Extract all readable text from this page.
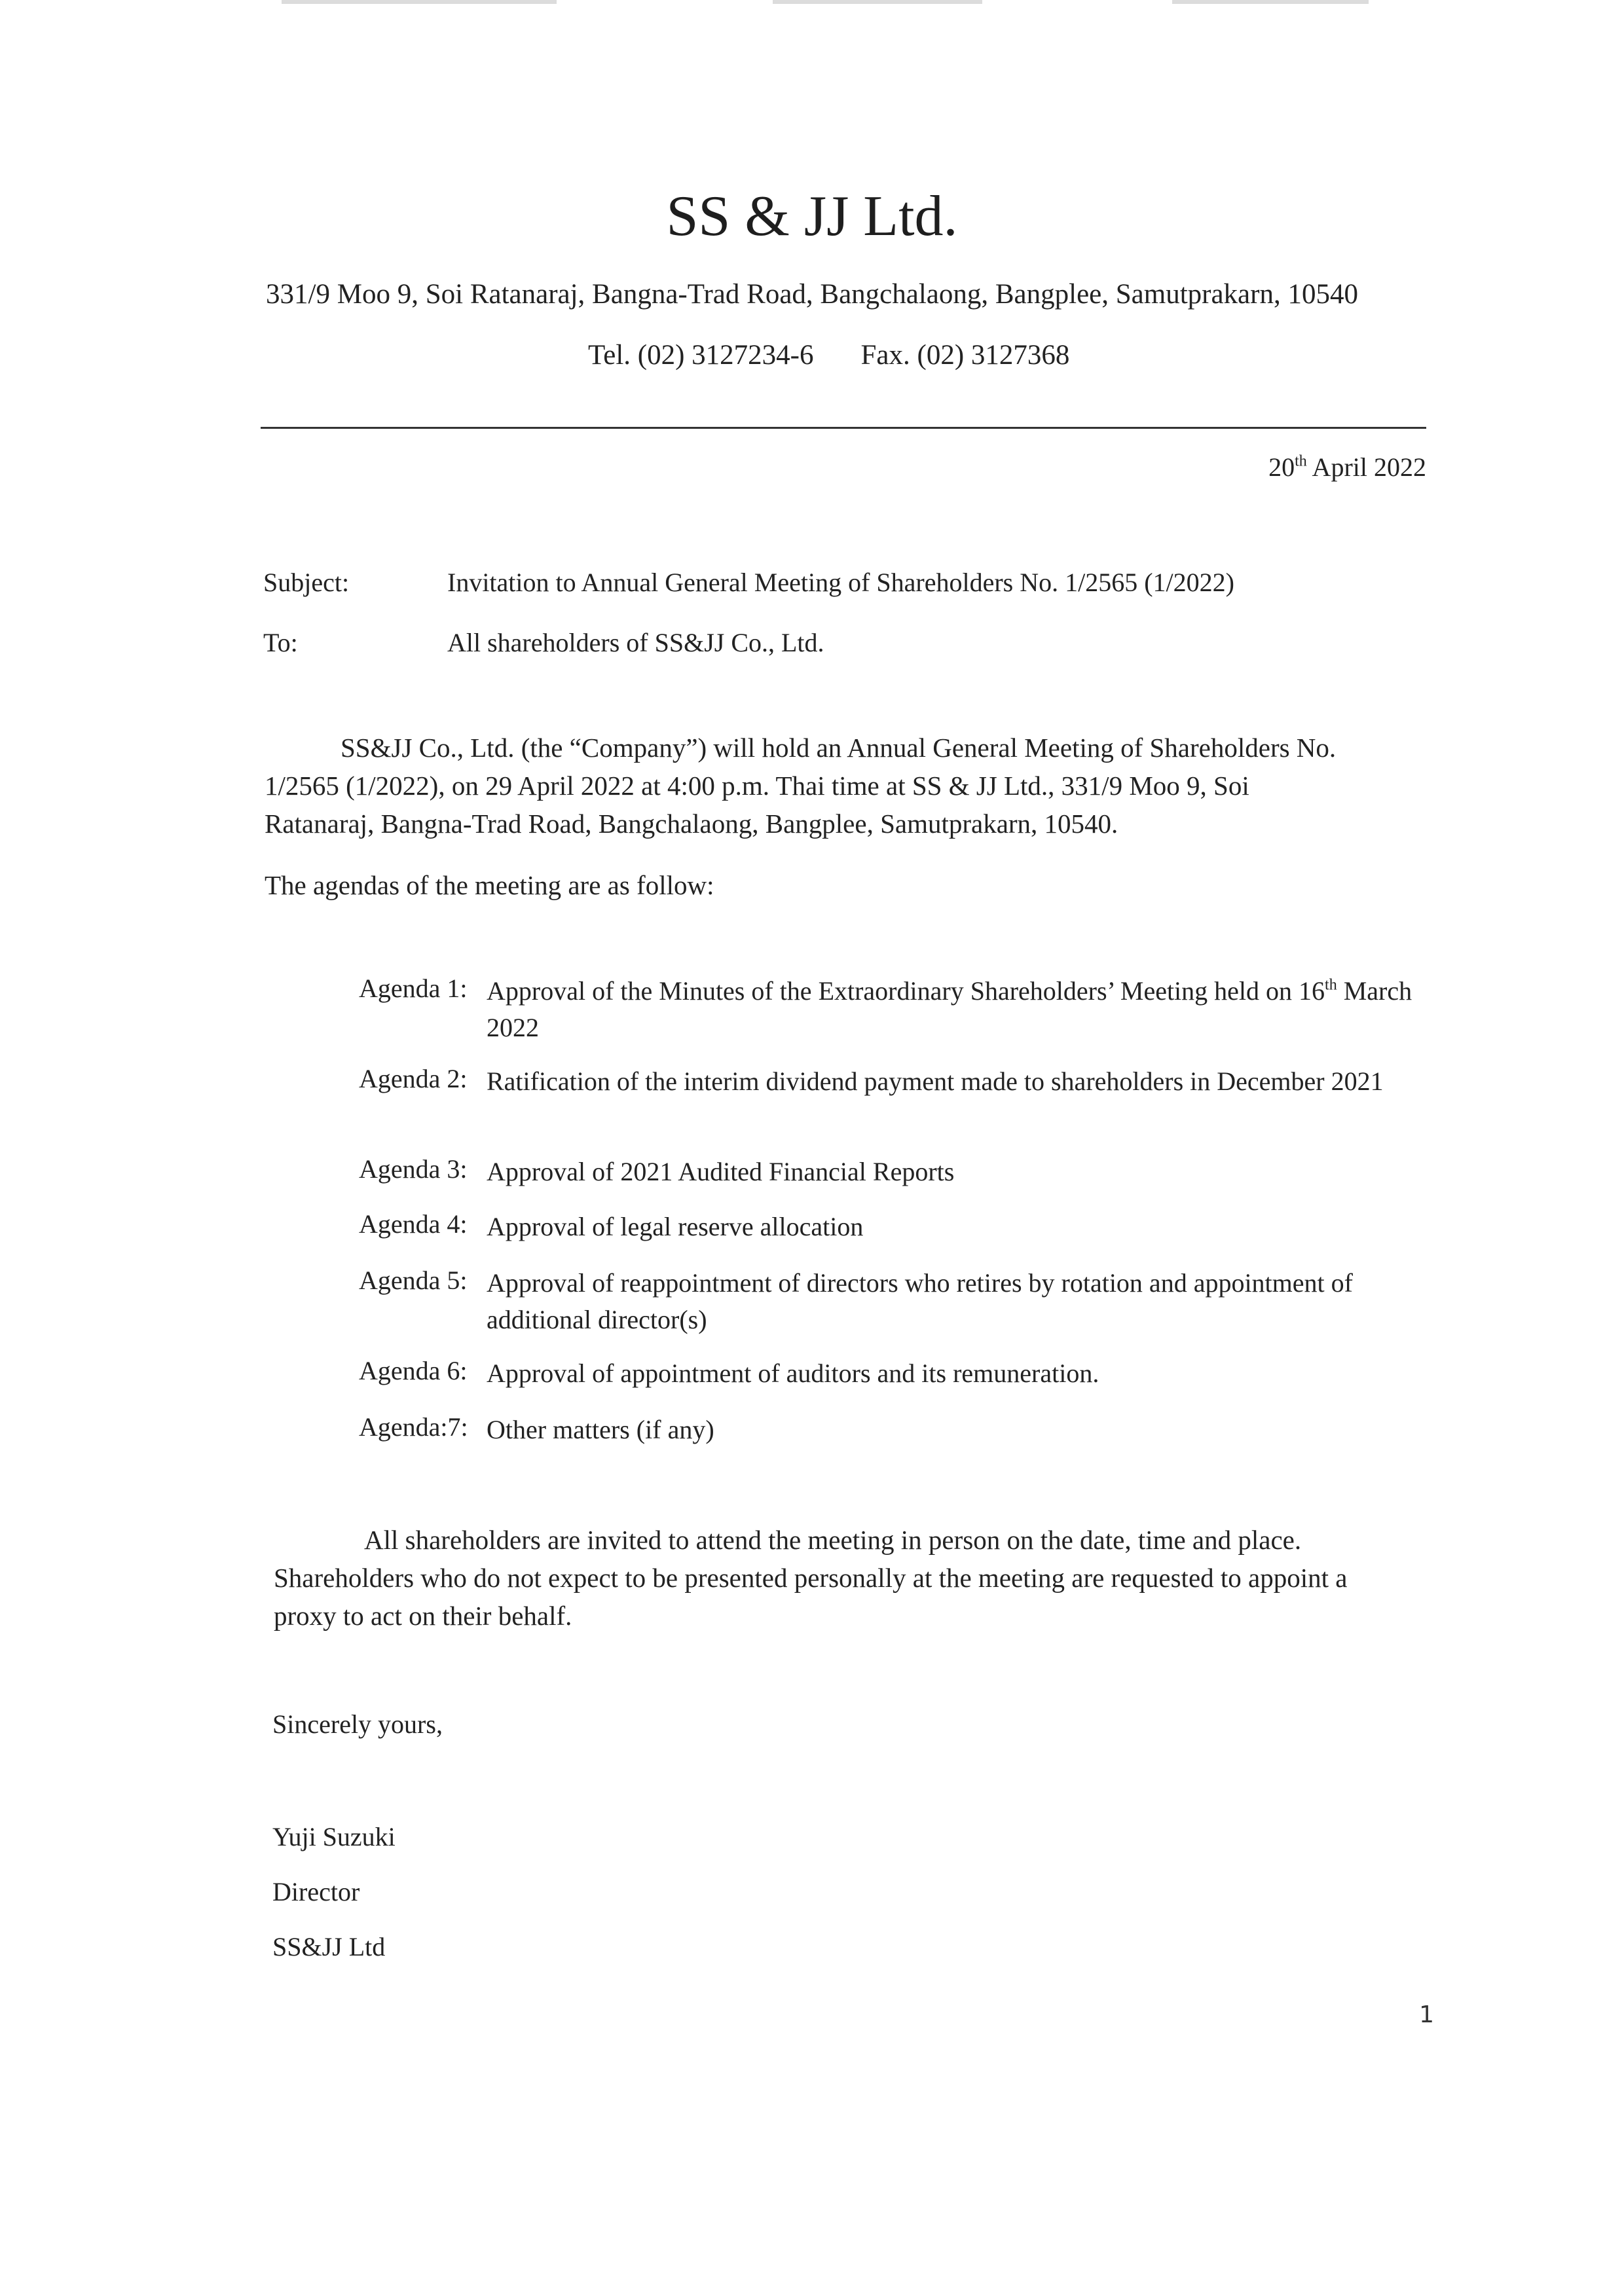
SS & JJ Ltd.
331/9 Moo 9, Soi Ratanaraj, Bangna-Trad Road, Bangchalaong, Bangplee, Samutprakarn, 10540
Tel. (02) 3127234-6 Fax. (02) 3127368
20th April 2022
Subject:	Invitation to Annual General Meeting of Shareholders No. 1/2565 (1/2022)
To:	All shareholders of SS&JJ Co., Ltd.
SS&JJ Co., Ltd. (the “Company”) will hold an Annual General Meeting of Shareholders No.
1/2565 (1/2022), on 29 April 2022 at 4:00 p.m. Thai time at SS & JJ Ltd., 331/9 Moo 9, Soi
Ratanaraj, Bangna-Trad Road, Bangchalaong, Bangplee, Samutprakarn, 10540.
The agendas of the meeting are as follow:
Agenda 1: Approval of the Minutes of the Extraordinary Shareholders’ Meeting held on 16th March 2022
Agenda 2: Ratification of the interim dividend payment made to shareholders in December 2021
Agenda 3: Approval of 2021 Audited Financial Reports
Agenda 4: Approval of legal reserve allocation
Agenda 5: Approval of reappointment of directors who retires by rotation and appointment of additional director(s)
Agenda 6: Approval of appointment of auditors and its remuneration.
Agenda:7: Other matters (if any)
All shareholders are invited to attend the meeting in person on the date, time and place.
Shareholders who do not expect to be presented personally at the meeting are requested to appoint a
proxy to act on their behalf.
Sincerely yours,
Yuji Suzuki
Director
SS&JJ Ltd
1
